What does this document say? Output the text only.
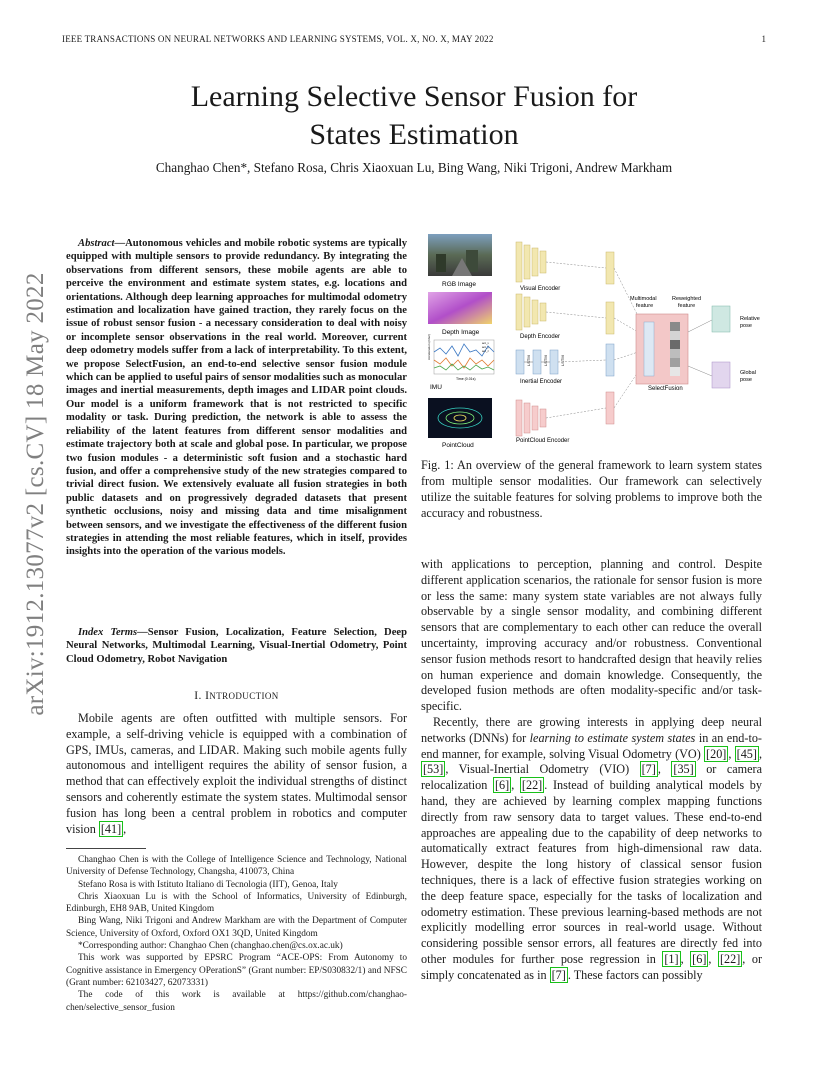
IEEE TRANSACTIONS ON NEURAL NETWORKS AND LEARNING SYSTEMS, VOL. X, NO. X, MAY 2022	1
arXiv:1912.13077v2 [cs.CV] 18 May 2022
Learning Selective Sensor Fusion for
States Estimation
Changhao Chen*, Stefano Rosa, Chris Xiaoxuan Lu, Bing Wang, Niki Trigoni, Andrew Markham
Abstract—Autonomous vehicles and mobile robotic systems are typically equipped with multiple sensors to provide redundancy. By integrating the observations from different sensors, these mobile agents are able to perceive the environment and estimate system states, e.g. locations and orientations. Although deep learning approaches for multimodal odometry estimation and localization have gained traction, they rarely focus on the issue of robust sensor fusion - a necessary consideration to deal with noisy or incomplete sensor observations in the real world. Moreover, current deep odometry models suffer from a lack of interpretability. To this extent, we propose SelectFusion, an end-to-end selective sensor fusion module which can be applied to useful pairs of sensor modalities such as monocular images and inertial measurements, depth images and LIDAR point clouds. Our model is a uniform framework that is not restricted to specific modality or task. During prediction, the network is able to assess the reliability of the latent features from different sensor modalities and estimate trajectory both at scale and global pose. In particular, we propose two fusion modules - a deterministic soft fusion and a stochastic hard fusion, and offer a comprehensive study of the new strategies compared to trivial direct fusion. We extensively evaluate all fusion strategies in both public datasets and on progressively degraded datasets that present synthetic occlusions, noisy and missing data and time misalignment between sensors, and we investigate the effectiveness of the different fusion strategies in attending the most reliable features, which in itself, provides insights into the operation of the various models.
Index Terms—Sensor Fusion, Localization, Feature Selection, Deep Neural Networks, Multimodal Learning, Visual-Inertial Odometry, Point Cloud Odometry, Robot Navigation
I. INTRODUCTION
Mobile agents are often outfitted with multiple sensors. For example, a self-driving vehicle is equipped with a combination of GPS, IMUs, cameras, and LIDAR. Making such mobile agents fully autonomous and intelligent requires the ability of sensor fusion, a method that can effectively exploit the individual strengths of distinct sensors and coherently estimate the system states. Multimodal sensor fusion has long been a central problem in robotics and computer vision [41] ,

Changhao Chen is with the College of Intelligence Science and Technology, National University of Defense Technology, Changsha, 410073, China

Stefano Rosa is with Istituto Italiano di Tecnologia (IIT), Genoa, Italy

Chris Xiaoxuan Lu is with the School of Informatics, University of Edinburgh, Edinburgh, EH8 9AB, United Kingdom

Bing Wang, Niki Trigoni and Andrew Markham are with the Department of Computer Science, University of Oxford, Oxford OX1 3QD, United Kingdom

*Corresponding author: Changhao Chen (changhao.chen@cs.ox.ac.uk)

This work was supported by EPSRC Program “ACE-OPS: From Autonomy to Cognitive assistance in Emergency OPerationS” (Grant number: EP/S030832/1) and NFSC (Grant number: 62103427, 62073331)

The code of this work is available at https://github.com/changhao-chen/selective_sensor_fusion

RGB Image
Depth Image
Acceleration (m/s2)
Time (0.01s)
acc_x
acc_y
acc_z
IMU
PointCloud
Visual Encoder
Depth Encoder
LSTM	LSTM	LSTM
Inertial Encoder
PointCloud Encoder
Multimodal
feature
Reweighted
feature
SelectFusion
Relative
pose
Global
pose
Fig. 1: An overview of the general framework to learn system states from multiple sensor modalities. Our framework can selectively utilize the suitable features for solving problems to improve both the accuracy and robustness.

with applications to perception, planning and control. Despite different application scenarios, the rationale for sensor fusion is more or less the same: many system state variables are not always fully observable by a single sensor modality, and combining different sensors that are complementary to each other can reduce the overall uncertainty, improving accuracy and/or robustness. Conventional sensor fusion methods resort to handcrafted design that heavily relies on human experience and domain knowledge. Consequently, the developed fusion methods are often modality-specific and/or task-specific.

Recently, there are growing interests in applying deep neural networks (DNNs) for learning to estimate system states in an end-to-end manner, for example, solving Visual Odometry (VO) [20] , [45] , [53] , Visual-Inertial Odometry (VIO) [7] , [35] or camera relocalization [6] , [22] . Instead of building analytical models by hand, they are achieved by learning complex mapping functions directly from raw sensory data to target values. These end-to-end approaches are appealing due to the capability of deep networks to automatically extract features from high-dimensional raw data. However, despite the long history of classical sensor fusion techniques, there is a lack of effective fusion strategies working on the deep feature space, especially for the tasks of localization and odometry estimation. These previous learning-based methods are not explicitly modelling error sources in real-world usage. Without considering possible sensor errors, all features are directly fed into other modules for further pose regression in [1] , [6] , [22] , or simply concatenated as in [7] . These factors can possibly
